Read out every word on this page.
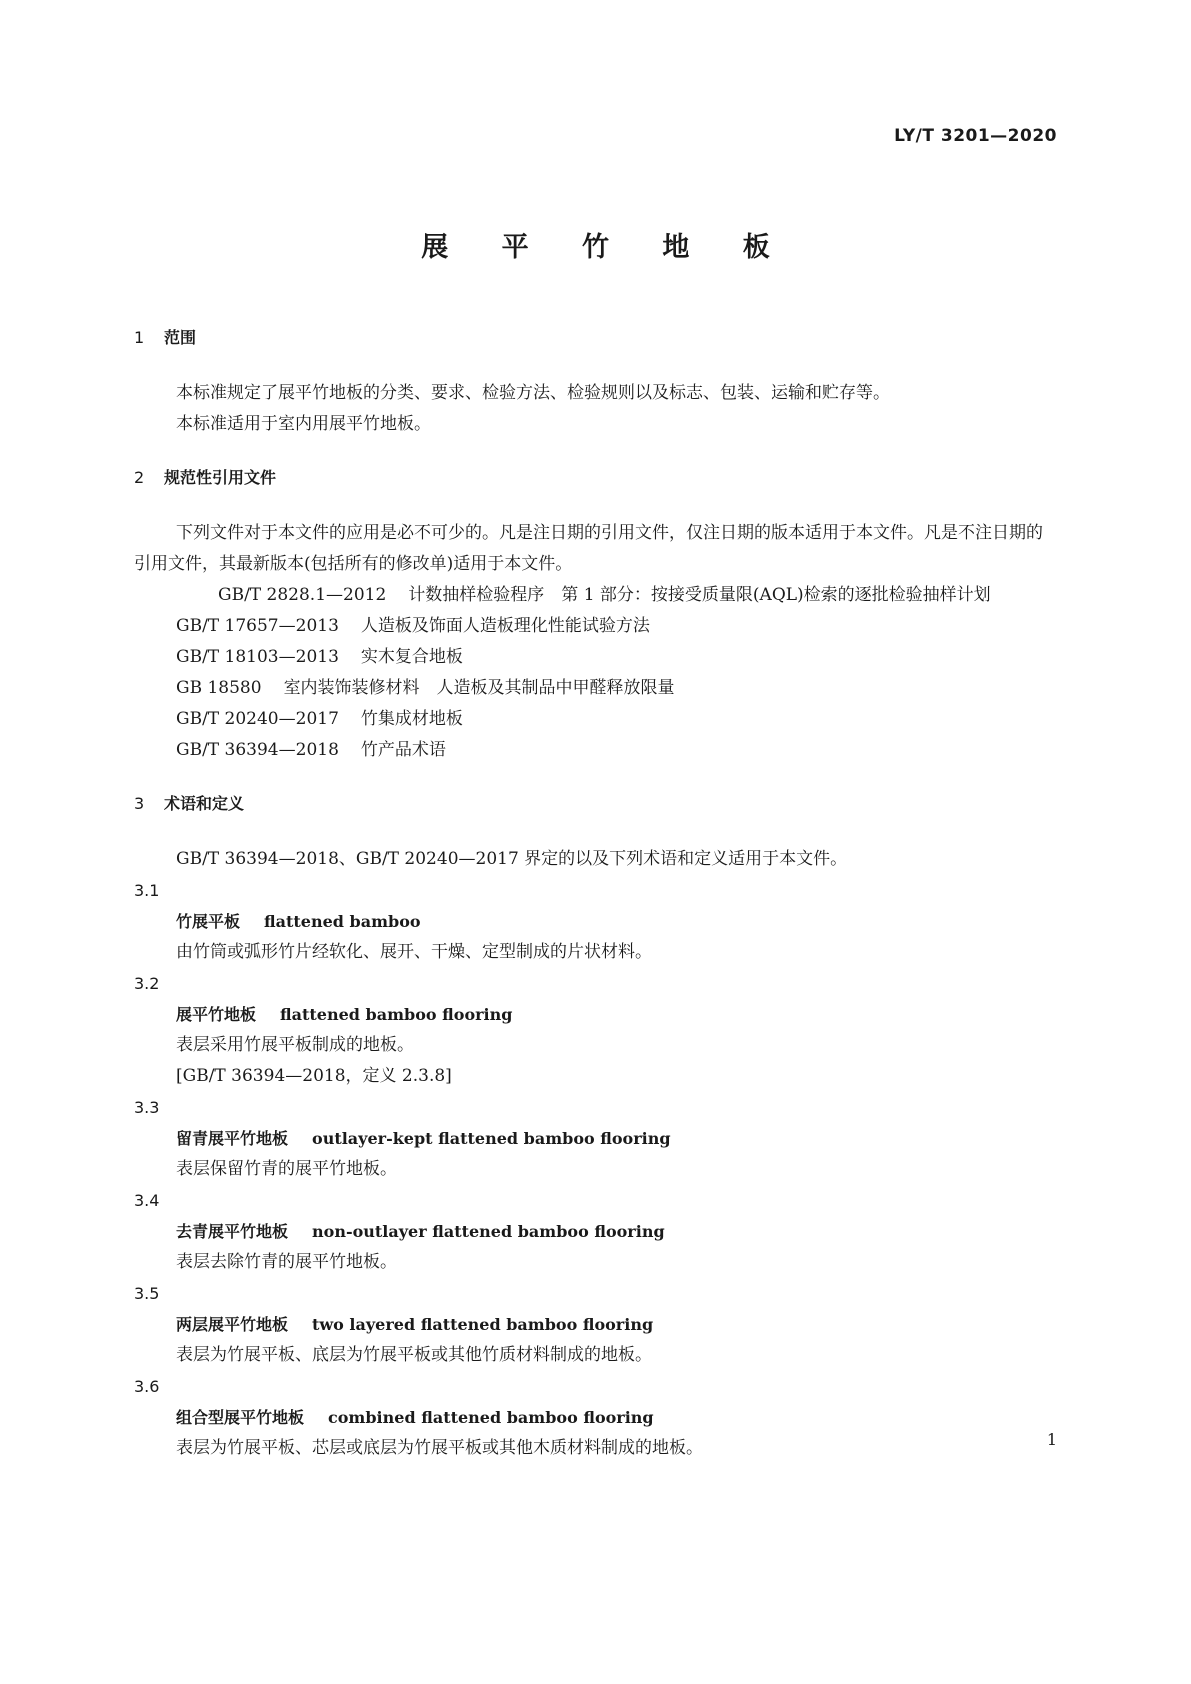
LY/T 3201—2020
展 平 竹 地 板
1 范围

本标准规定了展平竹地板的分类、要求、检验方法、检验规则以及标志、包装、运输和贮存等。

本标准适用于室内用展平竹地板。

2 规范性引用文件

下列文件对于本文件的应用是必不可少的。凡是注日期的引用文件，仅注日期的版本适用于本文件。凡是不注日期的引用文件，其最新版本(包括所有的修改单)适用于本文件。

GB/T 2828.1—2012 计数抽样检验程序　第 1 部分：按接受质量限(AQL)检索的逐批检验抽样计划

GB/T 17657—2013 人造板及饰面人造板理化性能试验方法

GB/T 18103—2013 实木复合地板

GB 18580 室内装饰装修材料　人造板及其制品中甲醛释放限量

GB/T 20240—2017 竹集成材地板

GB/T 36394—2018 竹产品术语

3 术语和定义

GB/T 36394—2018、GB/T 20240—2017 界定的以及下列术语和定义适用于本文件。

3.1
竹展平板 flattened bamboo

由竹筒或弧形竹片经软化、展开、干燥、定型制成的片状材料。

3.2
展平竹地板 flattened bamboo flooring

表层采用竹展平板制成的地板。

[GB/T 36394—2018，定义 2.3.8]

3.3
留青展平竹地板 outlayer-kept flattened bamboo flooring

表层保留竹青的展平竹地板。

3.4
去青展平竹地板 non-outlayer flattened bamboo flooring

表层去除竹青的展平竹地板。

3.5
两层展平竹地板 two layered flattened bamboo flooring

表层为竹展平板、底层为竹展平板或其他竹质材料制成的地板。

3.6
组合型展平竹地板 combined flattened bamboo flooring

表层为竹展平板、芯层或底层为竹展平板或其他木质材料制成的地板。	1
